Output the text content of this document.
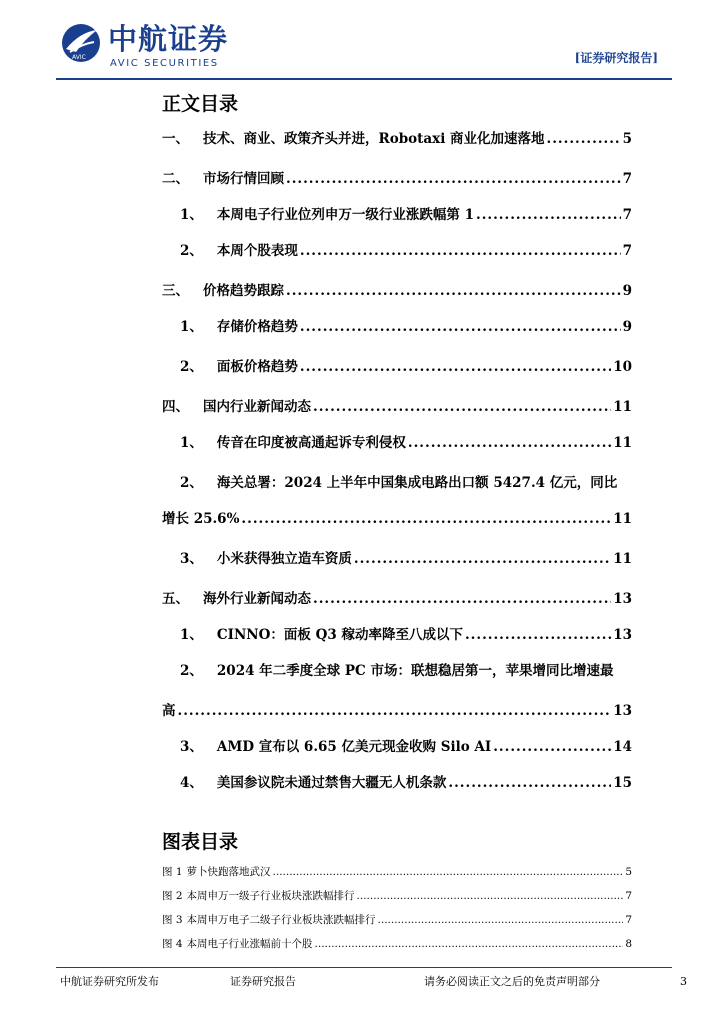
AVIC
中航证券
AVIC SECURITIES	[证券研究报告]
正文目录
一、 技术、商业、政策齐头并进，Robotaxi 商业化加速落地 .....	5
二、 市场行情回顾 .....	7
1、 本周电子行业位列申万一级行业涨跌幅第 1 .....	7
2、 本周个股表现 .....	7
三、 价格趋势跟踪 .....	9
1、 存储价格趋势 .....	9
2、 面板价格趋势 .....	10
四、 国内行业新闻动态 .....	11
1、 传音在印度被高通起诉专利侵权 .....	11
2、 海关总署：2024 上半年中国集成电路出口额 5427.4 亿元，同比
增长 25.6% .....	11
3、 小米获得独立造车资质 .....	11
五、 海外行业新闻动态 .....	13
1、 CINNO：面板 Q3 稼动率降至八成以下 .....	13
2、 2024 年二季度全球 PC 市场：联想稳居第一，苹果增同比增速最
高 .....	13
3、 AMD 宣布以 6.65 亿美元现金收购 Silo AI .....	14
4、 美国参议院未通过禁售大疆无人机条款 .....	15
图表目录
图 1 萝卜快跑落地武汉 .....	5
图 2 本周申万一级子行业板块涨跌幅排行 .....	7
图 3 本周申万电子二级子行业板块涨跌幅排行 .....	7
图 4 本周电子行业涨幅前十个股 .....	8
中航证券研究所发布	证券研究报告	请务必阅读正文之后的免责声明部分	3
